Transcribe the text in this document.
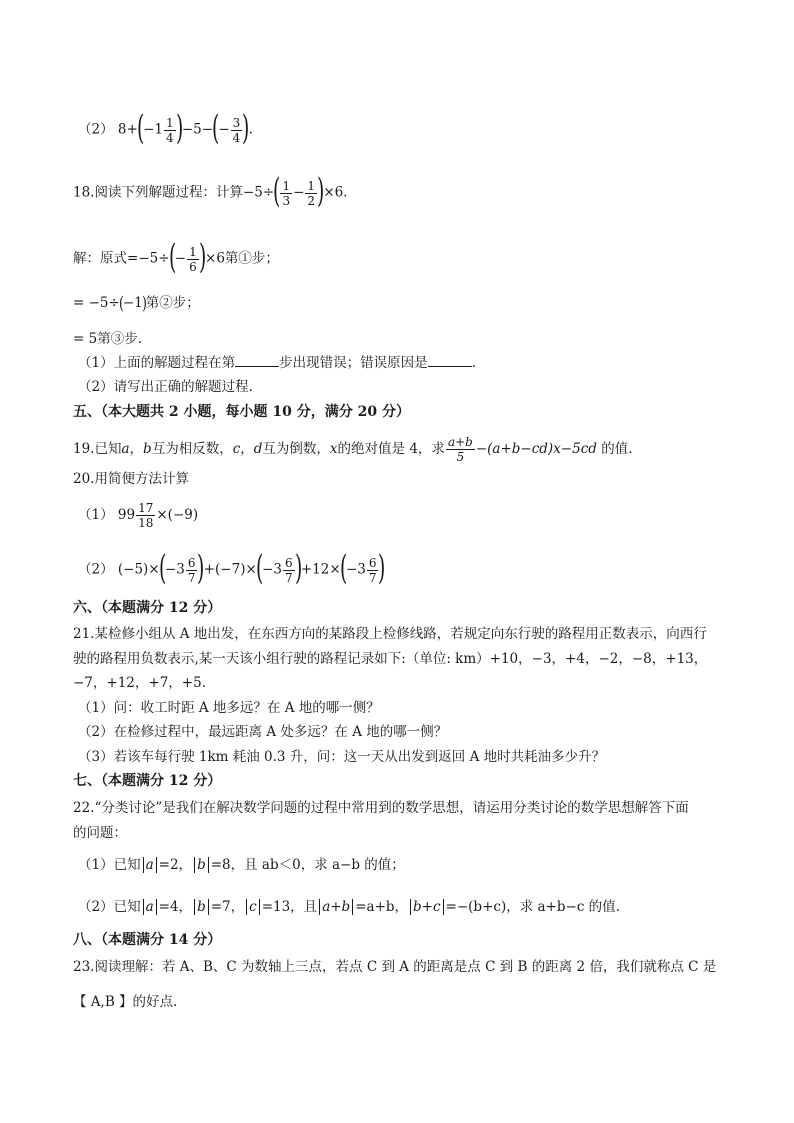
（2） $8+(-1 \frac{1}{4} )-5-(- \frac{3}{4}$ ).
18.阅读下列解题过程：计算$-5\div( \frac{1}{3} - \frac{1}{2} )\times 6$.
解：原式$=-5\div(- \frac{1}{6} )\times 6$第①步；
= −5÷(−1)第②步；
= 5第③步.
（1）上面的解题过程在第	步出现错误；错误原因是	.
（2）请写出正确的解题过程.
五、（本大题共 2 小题，每小题 10 分，满分 20 分）
19.已知a，b互为相反数，c，d互为倒数，x的绝对值是 4，求 $\frac{a+b}{5} -(a+b-cd)x-5cd$ 的值.
20.用简便方法计算
（1） $99 \frac{17}{18} \times(-9)$
（2） $(-5)\times(-3 \frac{6}{7} )+(-7)\times(-3 \frac{6}{7} )+12\times(-3 \frac{6}{7}$ )
六、（本题满分 12 分）
21.某检修小组从 A 地出发，在东西方向的某路段上检修线路，若规定向东行驶的路程用正数表示，向西行
驶的路程用负数表示,某一天该小组行驶的路程记录如下:（单位: km）+10，−3，+4，−2，−8，+13，
−7，+12，+7，+5.
（1）问：收工时距 A 地多远？在 A 地的哪一侧？
（2）在检修过程中，最远距离 A 处多远？在 A 地的哪一侧？
（3）若该车每行驶 1km 耗油 0.3 升，问：这一天从出发到返回 A 地时共耗油多少升？
七、（本题满分 12 分）
22.“分类讨论”是我们在解决数学问题的过程中常用到的数学思想，请运用分类讨论的数学思想解答下面
的问题：
（1）已知 a =2， b =8，且 ab＜0，求 a−b 的值；
（2）已知 a =4， b =7， c =13，且 a+b =a+b， b+c =−(b+c)，求 a+b−c 的值.
八、（本题满分 14 分）
23.阅读理解：若 A、B、C 为数轴上三点，若点 C 到 A 的距离是点 C 到 B 的距离 2 倍，我们就称点 C 是
【 A,B 】的好点.
